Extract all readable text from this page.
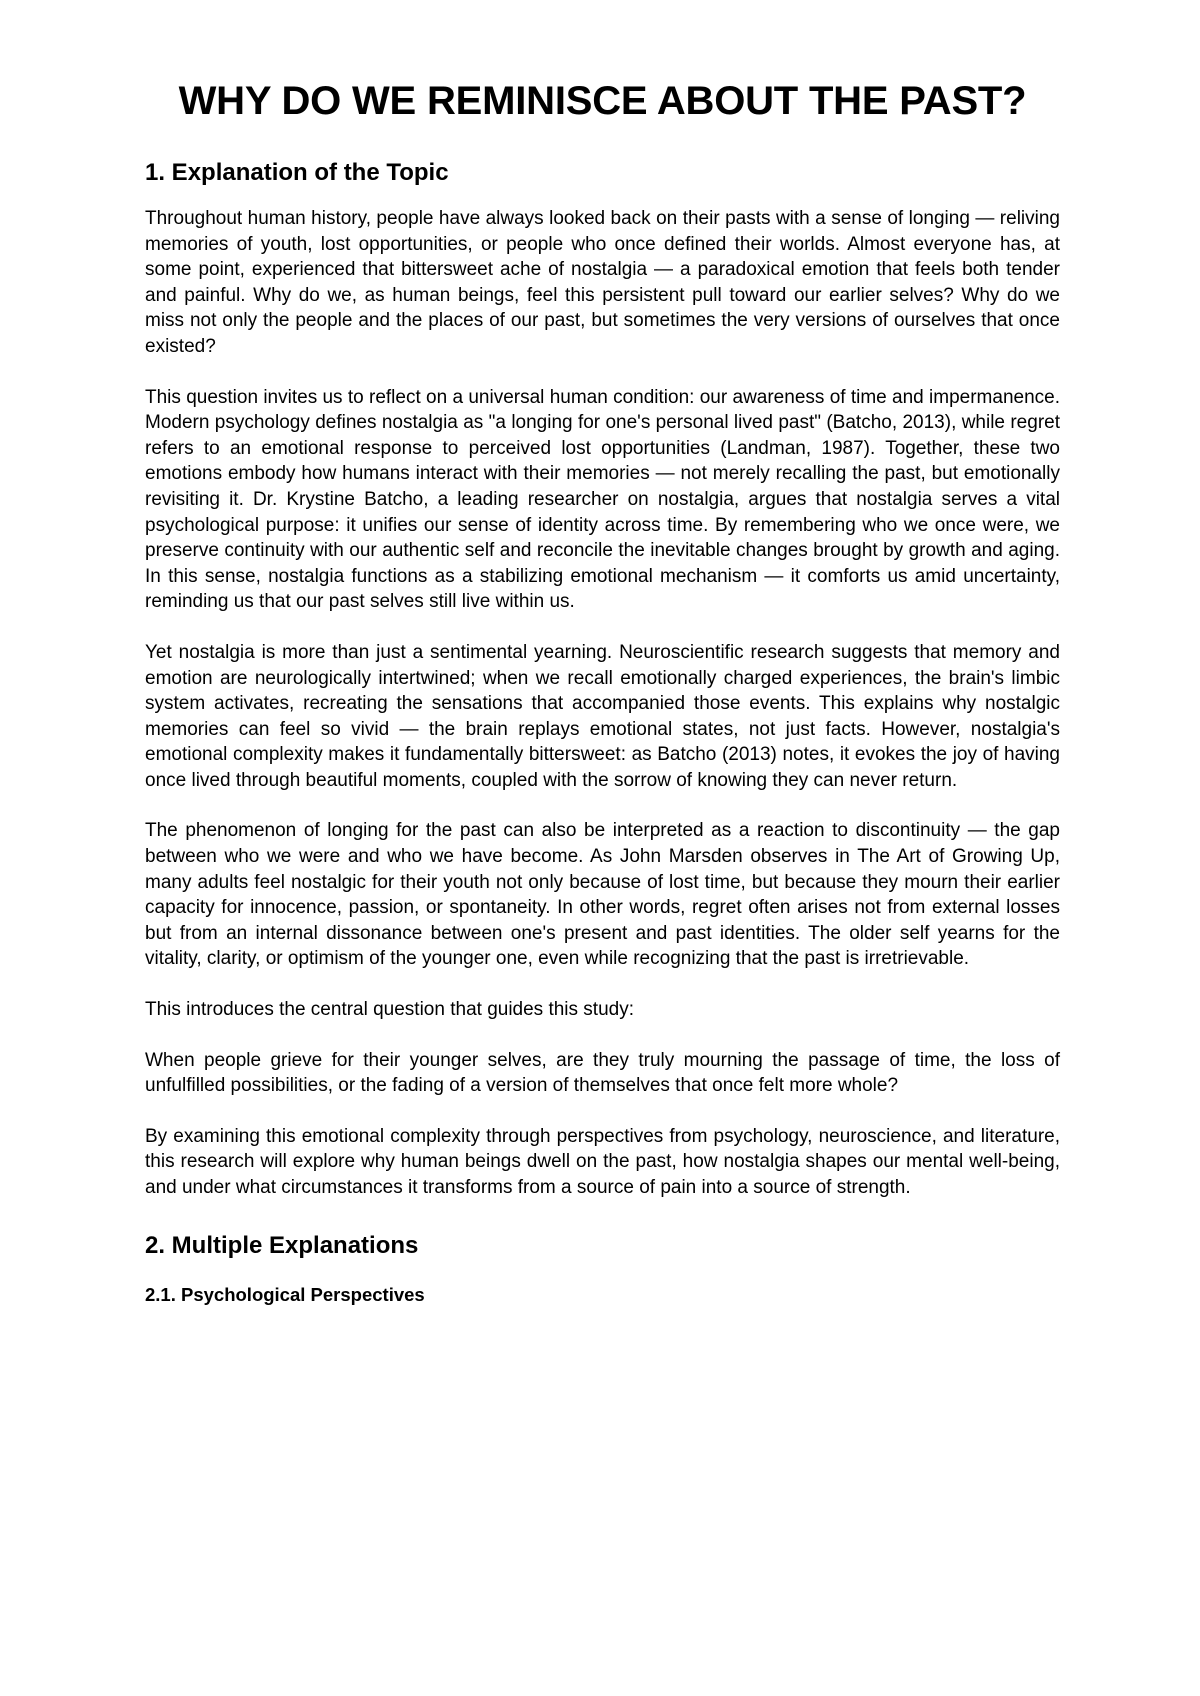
WHY DO WE REMINISCE ABOUT THE PAST?
1. Explanation of the Topic

Throughout human history, people have always looked back on their pasts with a sense of longing — reliving memories of youth, lost opportunities, or people who once defined their worlds. Almost everyone has, at some point, experienced that bittersweet ache of nostalgia — a paradoxical emotion that feels both tender and painful. Why do we, as human beings, feel this persistent pull toward our earlier selves? Why do we miss not only the people and the places of our past, but sometimes the very versions of ourselves that once existed?

This question invites us to reflect on a universal human condition: our awareness of time and impermanence. Modern psychology defines nostalgia as "a longing for one's personal lived past" (Batcho, 2013), while regret refers to an emotional response to perceived lost opportunities (Landman, 1987). Together, these two emotions embody how humans interact with their memories — not merely recalling the past, but emotionally revisiting it. Dr. Krystine Batcho, a leading researcher on nostalgia, argues that nostalgia serves a vital psychological purpose: it unifies our sense of identity across time. By remembering who we once were, we preserve continuity with our authentic self and reconcile the inevitable changes brought by growth and aging. In this sense, nostalgia functions as a stabilizing emotional mechanism — it comforts us amid uncertainty, reminding us that our past selves still live within us.

Yet nostalgia is more than just a sentimental yearning. Neuroscientific research suggests that memory and emotion are neurologically intertwined; when we recall emotionally charged experiences, the brain's limbic system activates, recreating the sensations that accompanied those events. This explains why nostalgic memories can feel so vivid — the brain replays emotional states, not just facts. However, nostalgia's emotional complexity makes it fundamentally bittersweet: as Batcho (2013) notes, it evokes the joy of having once lived through beautiful moments, coupled with the sorrow of knowing they can never return.

The phenomenon of longing for the past can also be interpreted as a reaction to discontinuity — the gap between who we were and who we have become. As John Marsden observes in The Art of Growing Up, many adults feel nostalgic for their youth not only because of lost time, but because they mourn their earlier capacity for innocence, passion, or spontaneity. In other words, regret often arises not from external losses but from an internal dissonance between one's present and past identities. The older self yearns for the vitality, clarity, or optimism of the younger one, even while recognizing that the past is irretrievable.

This introduces the central question that guides this study:

When people grieve for their younger selves, are they truly mourning the passage of time, the loss of unfulfilled possibilities, or the fading of a version of themselves that once felt more whole?

By examining this emotional complexity through perspectives from psychology, neuroscience, and literature, this research will explore why human beings dwell on the past, how nostalgia shapes our mental well-being, and under what circumstances it transforms from a source of pain into a source of strength.

2. Multiple Explanations
2.1. Psychological Perspectives
